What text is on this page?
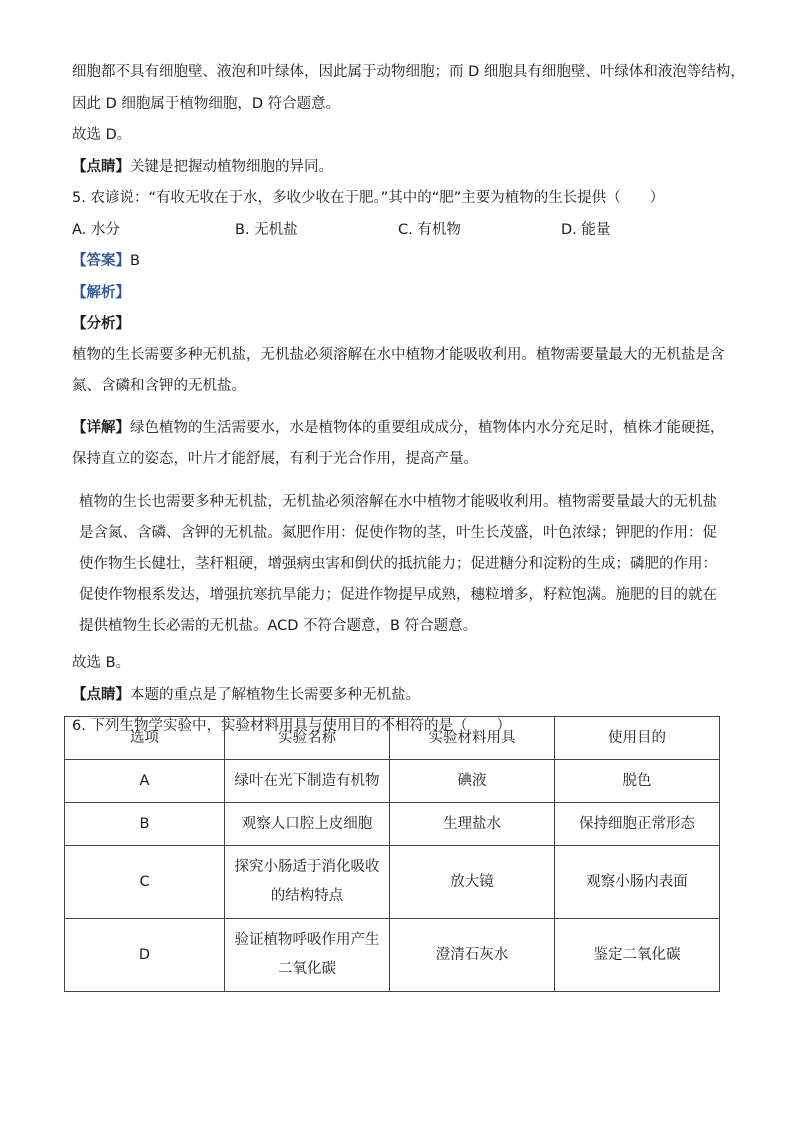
细胞都不具有细胞壁、液泡和叶绿体，因此属于动物细胞；而 D 细胞具有细胞壁、叶绿体和液泡等结构，

因此 D 细胞属于植物细胞，D 符合题意。

故选 D。

【点睛】关键是把握动植物细胞的异同。

5. 农谚说：“有收无收在于水，多收少收在于肥。”其中的“肥”主要为植物的生长提供（　　）

A. 水分	B. 无机盐	C. 有机物	D. 能量

【答案】B

【解析】

【分析】

植物的生长需要多种无机盐，无机盐必须溶解在水中植物才能吸收利用。植物需要量最大的无机盐是含氮、含磷和含钾的无机盐。

【详解】绿色植物的生活需要水，水是植物体的重要组成成分，植物体内水分充足时，植株才能硬挺，保持直立的姿态，叶片才能舒展，有利于光合作用，提高产量。

植物的生长也需要多种无机盐，无机盐必须溶解在水中植物才能吸收利用。植物需要量最大的无机盐是含氮、含磷、含钾的无机盐。氮肥作用：促使作物的茎，叶生长茂盛，叶色浓绿；钾肥的作用：促使作物生长健壮，茎秆粗硬，增强病虫害和倒伏的抵抗能力；促进糖分和淀粉的生成；磷肥的作用：促使作物根系发达，增强抗寒抗旱能力；促进作物提早成熟，穗粒增多，籽粒饱满。施肥的目的就在提供植物生长必需的无机盐。ACD 不符合题意，B 符合题意。

故选 B。

【点睛】本题的重点是了解植物生长需要多种无机盐。

6. 下列生物学实验中，实验材料用具与使用目的不相符的是（　　）

选项	实验名称	实验材料用具	使用目的
A	绿叶在光下制造有机物	碘液	脱色
B	观察人口腔上皮细胞	生理盐水	保持细胞正常形态
C	探究小肠适于消化吸收的结构特点	放大镜	观察小肠内表面
D	验证植物呼吸作用产生二氧化碳	澄清石灰水	鉴定二氧化碳
